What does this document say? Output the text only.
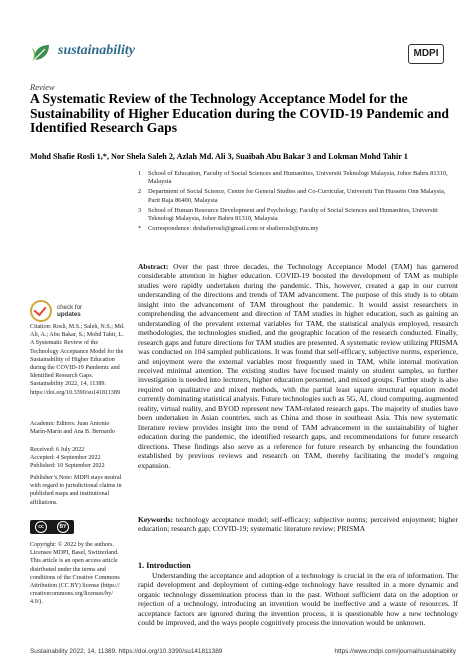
sustainability	MDPI
Review
A Systematic Review of the Technology Acceptance Model for the Sustainability of Higher Education during the COVID-19 Pandemic and Identified Research Gaps
Mohd Shafie Rosli 1,*, Nor Shela Saleh 2, Azlah Md. Ali 3, Suaibah Abu Bakar 3 and Lokman Mohd Tahir 1
1	School of Education, Faculty of Social Sciences and Humanities, Universiti Teknologi Malaysia, Johor Bahru 81310, Malaysia
2	Department of Social Science, Centre for General Studies and Co-Curricular, Universiti Tun Hussein Onn Malaysia, Parit Raja 86400, Malaysia
3	School of Human Resource Development and Psychology, Faculty of Social Sciences and Humanities, Universiti Teknologi Malaysia, Johor Bahru 81310, Malaysia
*	Correspondence: drshafierosli@gmail.com or shafierosli@utm.my
check for
updates
Citation: Rosli, M.S.; Saleh, N.S.; Md. Ali, A.; Abu Bakar, S.; Mohd Tahir, L. A Systematic Review of the Technology Acceptance Model for the Sustainability of Higher Education during the COVID-19 Pandemic and Identified Research Gaps. Sustainability 2022, 14, 11389. https://doi.org/10.3390/su141811389
Academic Editors: Juan Antonio Marín-Marín and Ana B. Bernardo
Received: 6 July 2022
Accepted: 4 September 2022
Published: 10 September 2022
Publisher’s Note: MDPI stays neutral with regard to jurisdictional claims in published maps and institutional affiliations.
cc	BY
Copyright: © 2022 by the authors. Licensee MDPI, Basel, Switzerland. This article is an open access article distributed under the terms and conditions of the Creative Commons Attribution (CC BY) license (https:// creativecommons.org/licenses/by/ 4.0/).
Abstract: Over the past three decades, the Technology Acceptance Model (TAM) has garnered considerable attention in higher education. COVID-19 boosted the development of TAM as multiple studies were rapidly undertaken during the pandemic. This, however, created a gap in our current understanding of the directions and trends of TAM advancement. The purpose of this study is to obtain insight into the advancement of TAM throughout the pandemic. It would assist researchers in comprehending the advancement and direction of TAM studies in higher education, such as gaining an understanding of the prevalent external variables for TAM, the statistical analysis employed, research methodologies, the technologies studied, and the geographic location of the research conducted. Finally, research gaps and future directions for TAM studies are presented. A systematic review utilizing PRISMA was conducted on 104 sampled publications. It was found that self-efficacy, subjective norms, experience, and enjoyment were the external variables most frequently used in TAM, while internal motivation received minimal attention. The existing studies have focused mainly on student samples, so further investigation is needed into lecturers, higher education personnel, and mixed groups. Further study is also required on qualitative and mixed methods, with the partial least square structural equation model currently dominating statistical analysis. Future technologies such as 5G, AI, cloud computing, augmented reality, virtual reality, and BYOD represent new TAM-related research gaps. The majority of studies have been undertaken in Asian countries, such as China and those in southeast Asia. This new systematic literature review provides insight into the trend of TAM advancement in the sustainability of higher education during the pandemic, the identified research gaps, and recommendations for future research directions. These findings also serve as a reference for future research by enhancing the foundation established by previous reviews and research on TAM, thereby facilitating the model’s ongoing expansion.
Keywords: technology acceptance model; self-efficacy; subjective norms; perceived enjoyment; higher education; research gap; COVID-19; systematic literature review; PRISMA
1. Introduction
Understanding the acceptance and adoption of a technology is crucial in the era of information. The rapid development and deployment of cutting-edge technology have resulted in a more dynamic and organic technology dissemination process than in the past. Without sufficient data on the adoption or rejection of a technology, introducing an invention would be ineffective and a waste of resources. If acceptance factors are ignored during the invention process, it is questionable how a new technology could be improved, and the ways people cognitively process the innovation would be unknown.
Sustainability 2022, 14, 11389. https://doi.org/10.3390/su141811389	https://www.mdpi.com/journal/sustainability
